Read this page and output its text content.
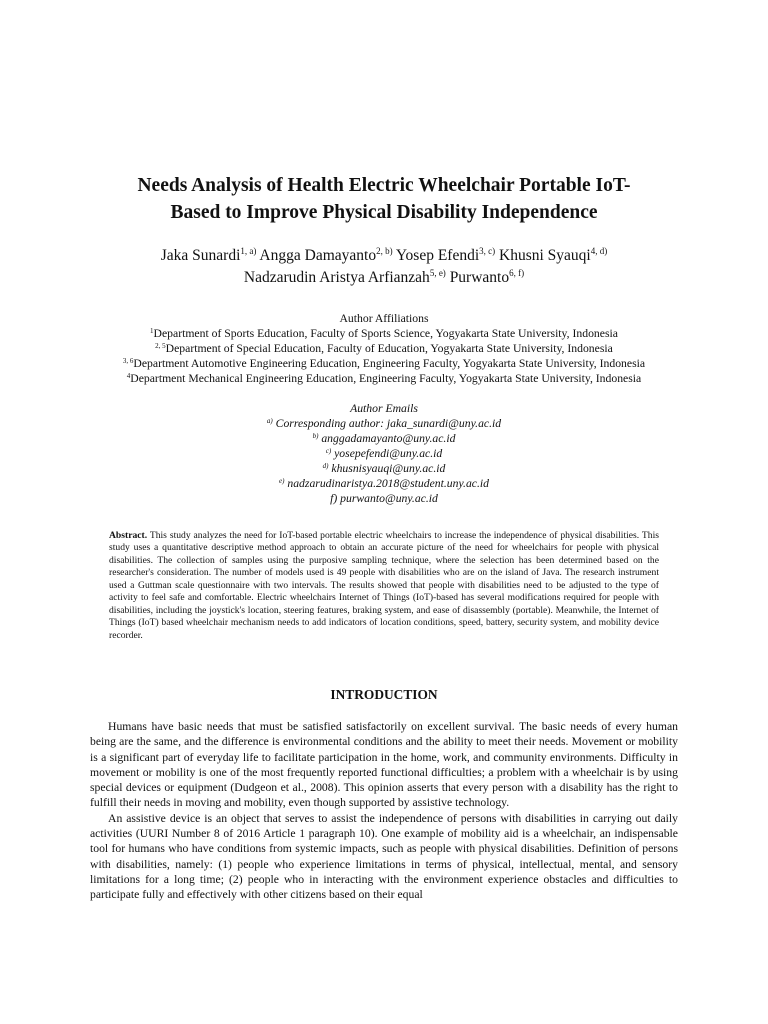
Needs Analysis of Health Electric Wheelchair Portable IoT-
Based to Improve Physical Disability Independence
Jaka Sunardi$^{1, a)}$ Angga Damayanto$^{2, b)}$ Yosep Efendi$^{3, c)}$ Khusni Syauqi$^{4, d)}$
Nadzarudin Aristya Arfianzah$^{5, e)}$ Purwanto$^{6, f)}$
Author Affiliations
$^1$Department of Sports Education, Faculty of Sports Science, Yogyakarta State University, Indonesia
$^{2, 5}$Department of Special Education, Faculty of Education, Yogyakarta State University, Indonesia
$^{3, 6}$Department Automotive Engineering Education, Engineering Faculty, Yogyakarta State University, Indonesia
$^4$Department Mechanical Engineering Education, Engineering Faculty, Yogyakarta State University, Indonesia
Author Emails
$^{a)}$ Corresponding author: jaka_sunardi@uny.ac.id
$^{b)}$ anggadamayanto@uny.ac.id
$^{c)}$ yosepefendi@uny.ac.id
$^{d)}$ khusnisyauqi@uny.ac.id
$^{e)}$ nadzarudinaristya.2018@student.uny.ac.id
f) purwanto@uny.ac.id
Abstract. This study analyzes the need for IoT-based portable electric wheelchairs to increase the independence of physical disabilities. This study uses a quantitative descriptive method approach to obtain an accurate picture of the need for wheelchairs for people with physical disabilities. The collection of samples using the purposive sampling technique, where the selection has been determined based on the researcher's consideration. The number of models used is 49 people with disabilities who are on the island of Java. The research instrument used a Guttman scale questionnaire with two intervals. The results showed that people with disabilities need to be adjusted to the type of activity to feel safe and comfortable. Electric wheelchairs Internet of Things (IoT)-based has several modifications required for people with disabilities, including the joystick's location, steering features, braking system, and ease of disassembly (portable). Meanwhile, the Internet of Things (IoT) based wheelchair mechanism needs to add indicators of location conditions, speed, battery, security system, and mobility device recorder.
INTRODUCTION

Humans have basic needs that must be satisfied satisfactorily on excellent survival. The basic needs of every human being are the same, and the difference is environmental conditions and the ability to meet their needs. Movement or mobility is a significant part of everyday life to facilitate participation in the home, work, and community environments. Difficulty in movement or mobility is one of the most frequently reported functional difficulties; a problem with a wheelchair is by using special devices or equipment (Dudgeon et al., 2008). This opinion asserts that every person with a disability has the right to fulfill their needs in moving and mobility, even though supported by assistive technology.

An assistive device is an object that serves to assist the independence of persons with disabilities in carrying out daily activities (UURI Number 8 of 2016 Article 1 paragraph 10). One example of mobility aid is a wheelchair, an indispensable tool for humans who have conditions from systemic impacts, such as people with physical disabilities. Definition of persons with disabilities, namely: (1) people who experience limitations in terms of physical, intellectual, mental, and sensory limitations for a long time; (2) people who in interacting with the environment experience obstacles and difficulties to participate fully and effectively with other citizens based on their equal
